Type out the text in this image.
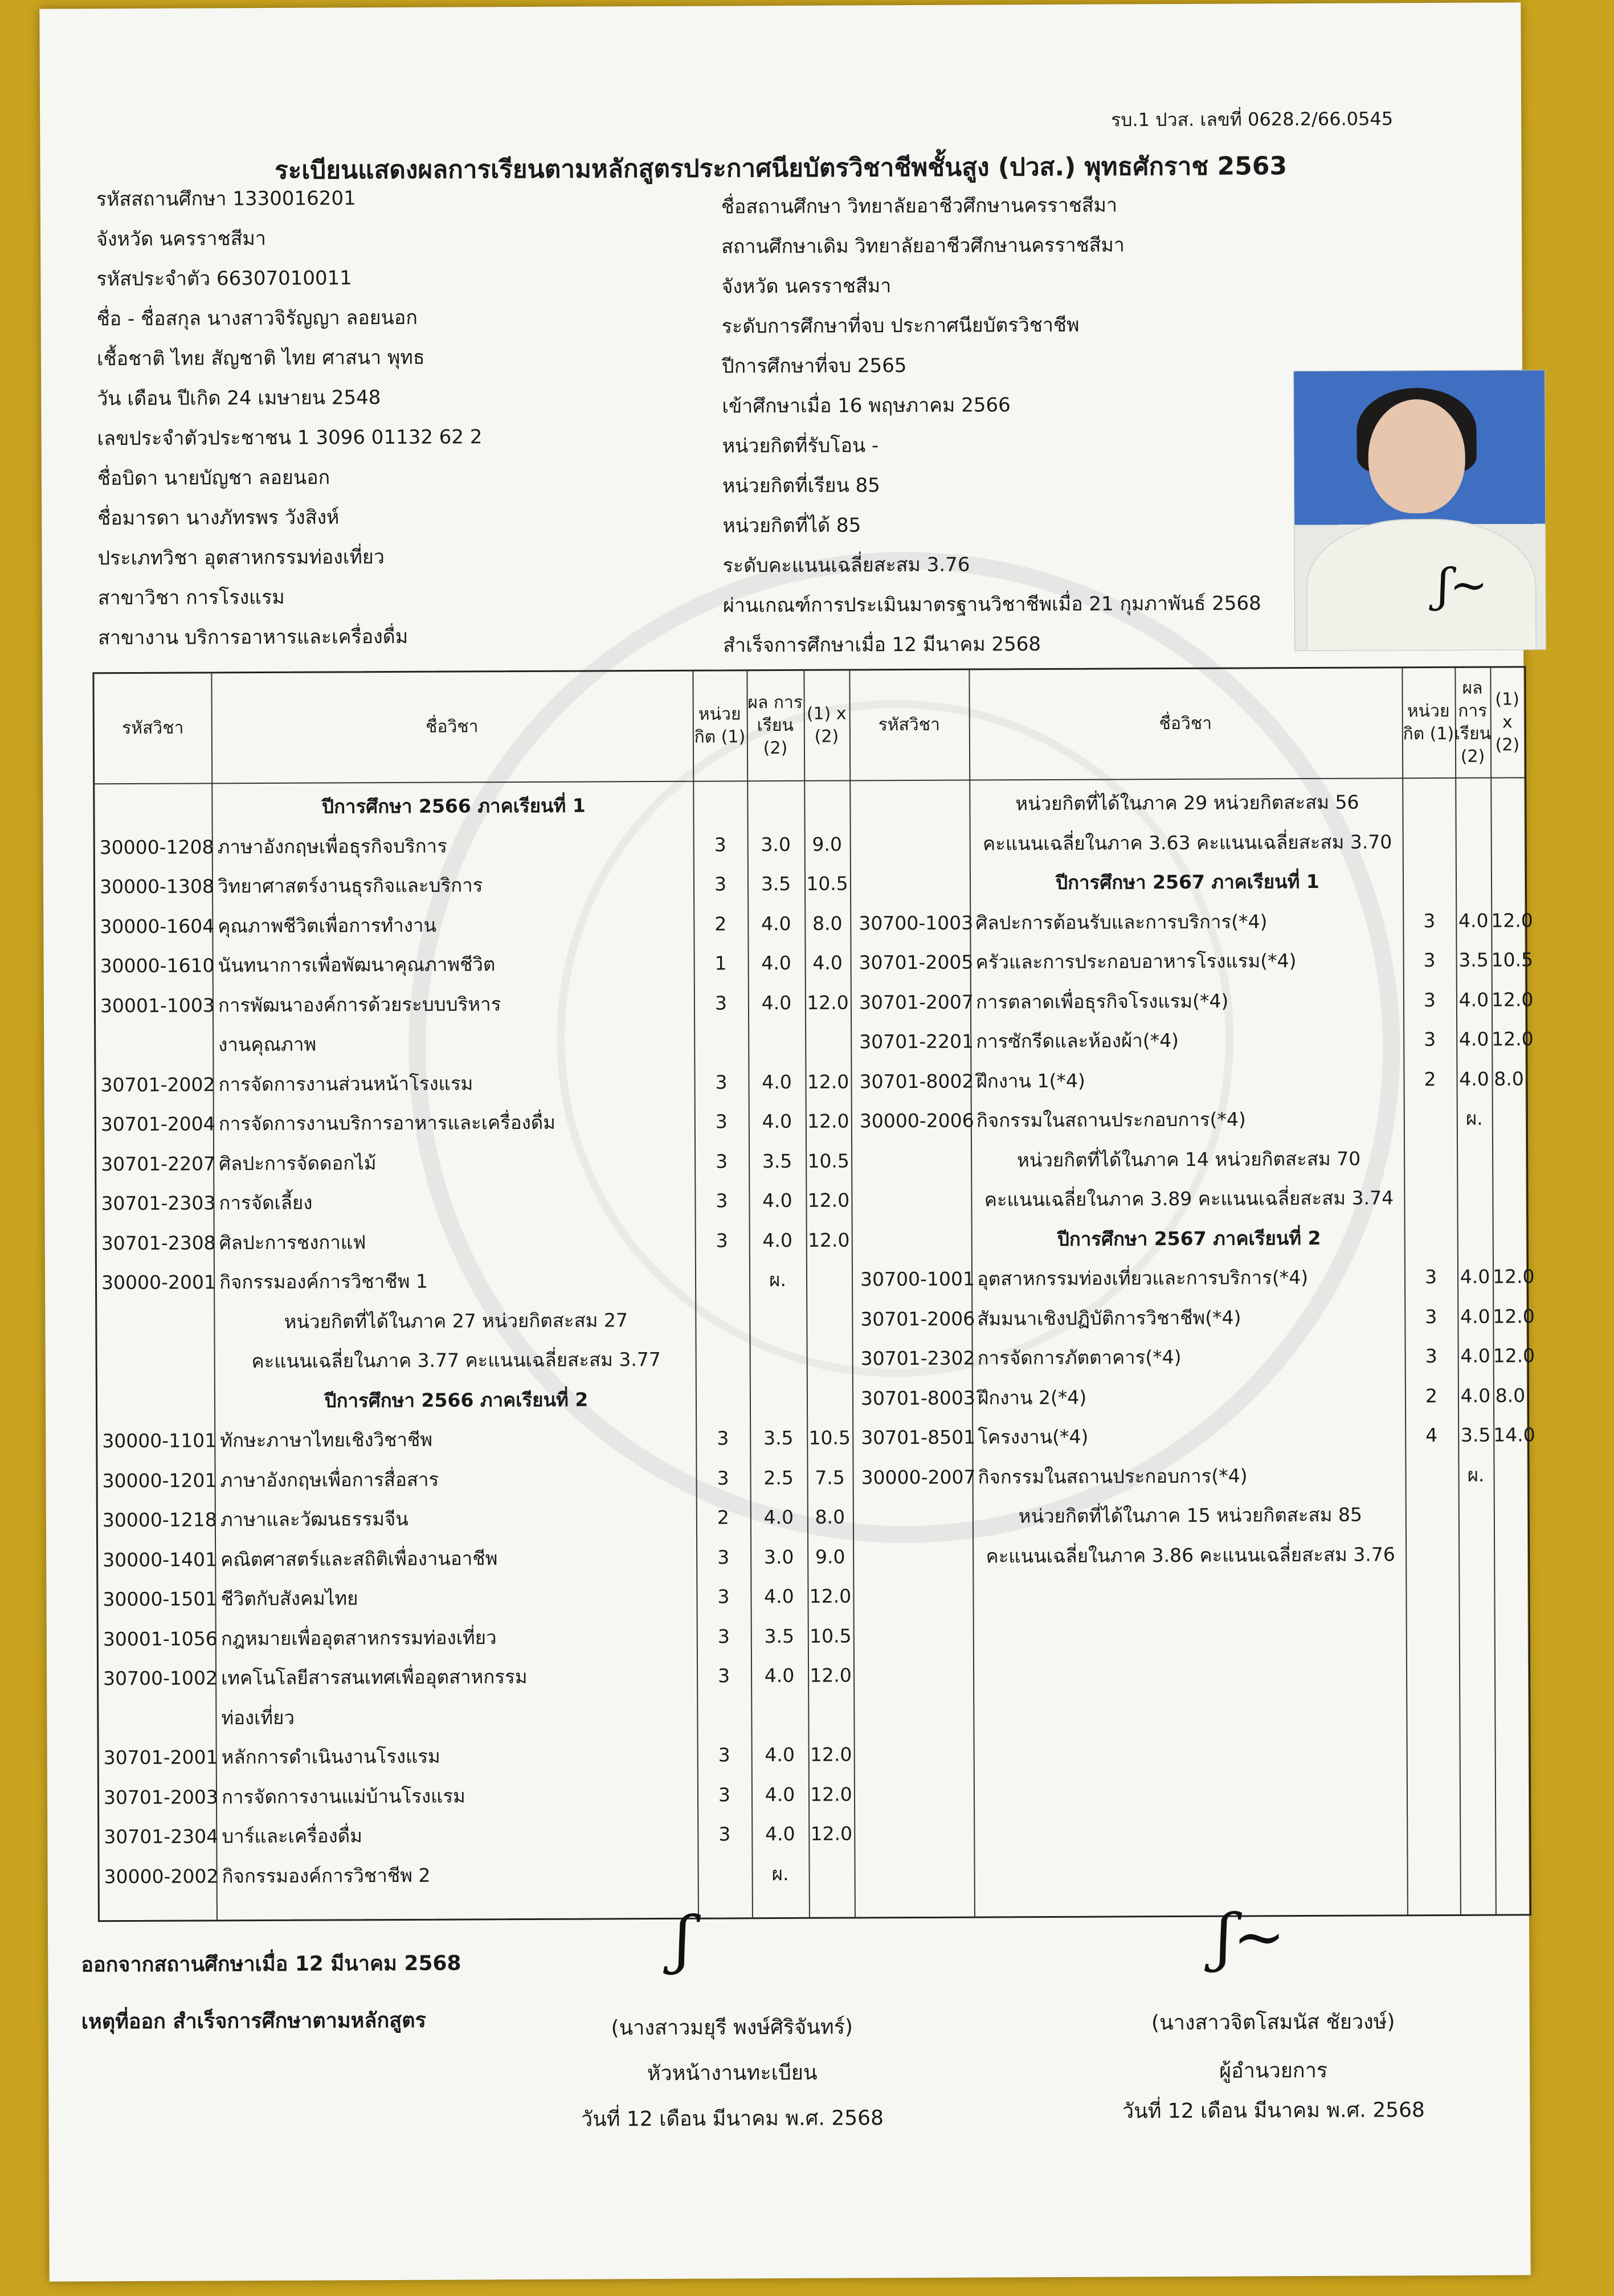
รบ.1 ปวส. เลขที่ 0628.2/66.0545
ระเบียนแสดงผลการเรียนตามหลักสูตรประกาศนียบัตรวิชาชีพชั้นสูง (ปวส.) พุทธศักราช 2563
รหัสสถานศึกษา 1330016201
จังหวัด นครราชสีมา
รหัสประจำตัว 66307010011
ชื่อ - ชื่อสกุล นางสาวจิรัญญา ลอยนอก
เชื้อชาติ ไทย สัญชาติ ไทย ศาสนา พุทธ
วัน เดือน ปีเกิด 24 เมษายน 2548
เลขประจำตัวประชาชน 1 3096 01132 62 2
ชื่อบิดา นายบัญชา ลอยนอก
ชื่อมารดา นางภัทรพร วังสิงห์
ประเภทวิชา อุตสาหกรรมท่องเที่ยว
สาขาวิชา การโรงแรม
สาขางาน บริการอาหารและเครื่องดื่ม
ชื่อสถานศึกษา วิทยาลัยอาชีวศึกษานครราชสีมา
สถานศึกษาเดิม วิทยาลัยอาชีวศึกษานครราชสีมา
จังหวัด นครราชสีมา
ระดับการศึกษาที่จบ ประกาศนียบัตรวิชาชีพ
ปีการศึกษาที่จบ 2565
เข้าศึกษาเมื่อ 16 พฤษภาคม 2566
หน่วยกิตที่รับโอน -
หน่วยกิตที่เรียน 85
หน่วยกิตที่ได้ 85
ระดับคะแนนเฉลี่ยสะสม 3.76
ผ่านเกณฑ์การประเมินมาตรฐานวิชาชีพเมื่อ 21 กุมภาพันธ์ 2568
สำเร็จการศึกษาเมื่อ 12 มีนาคม 2568
ʃ~
รหัสวิชา	ชื่อวิชา
หน่วย กิต (1)
ผล การ เรียน (2)
(1) x (2)
รหัสวิชา	ชื่อวิชา
หน่วย กิต (1)
ผล การ เรียน (2)
(1) x (2)
ปีการศึกษา 2566 ภาคเรียนที่ 1
30000-1208 ภาษาอังกฤษเพื่อธุรกิจบริการ	3	3.0	9.0
30000-1308 วิทยาศาสตร์งานธุรกิจและบริการ	3	3.5 10.5
30000-1604 คุณภาพชีวิตเพื่อการทำงาน	2	4.0	8.0
30000-1610 นันทนาการเพื่อพัฒนาคุณภาพชีวิต	1	4.0	4.0
30001-1003 การพัฒนาองค์การด้วยระบบบริหาร	3	4.0 12.0
งานคุณภาพ
30701-2002 การจัดการงานส่วนหน้าโรงแรม	3	4.0 12.0
30701-2004 การจัดการงานบริการอาหารและเครื่องดื่ม	3	4.0 12.0
30701-2207 ศิลปะการจัดดอกไม้	3	3.5 10.5
30701-2303 การจัดเลี้ยง	3	4.0 12.0
30701-2308 ศิลปะการชงกาแฟ	3	4.0 12.0
30000-2001 กิจกรรมองค์การวิชาชีพ 1	ผ.
หน่วยกิตที่ได้ในภาค 27 หน่วยกิตสะสม 27
คะแนนเฉลี่ยในภาค 3.77 คะแนนเฉลี่ยสะสม 3.77
ปีการศึกษา 2566 ภาคเรียนที่ 2
30000-1101 ทักษะภาษาไทยเชิงวิชาชีพ	3	3.5 10.5
30000-1201 ภาษาอังกฤษเพื่อการสื่อสาร	3	2.5	7.5
30000-1218 ภาษาและวัฒนธรรมจีน	2	4.0	8.0
30000-1401 คณิตศาสตร์และสถิติเพื่องานอาชีพ	3	3.0	9.0
30000-1501 ชีวิตกับสังคมไทย	3	4.0 12.0
30001-1056 กฎหมายเพื่ออุตสาหกรรมท่องเที่ยว	3	3.5 10.5
30700-1002 เทคโนโลยีสารสนเทศเพื่ออุตสาหกรรม	3	4.0 12.0
ท่องเที่ยว
30701-2001 หลักการดำเนินงานโรงแรม	3	4.0 12.0
30701-2003 การจัดการงานแม่บ้านโรงแรม	3	4.0 12.0
30701-2304 บาร์และเครื่องดื่ม	3	4.0 12.0
30000-2002 กิจกรรมองค์การวิชาชีพ 2	ผ.
หน่วยกิตที่ได้ในภาค 29 หน่วยกิตสะสม 56
คะแนนเฉลี่ยในภาค 3.63 คะแนนเฉลี่ยสะสม 3.70
ปีการศึกษา 2567 ภาคเรียนที่ 1
30700-1003 ศิลปะการต้อนรับและการบริการ(*4)	3	4.0 12.0
30701-2005 ครัวและการประกอบอาหารโรงแรม(*4)	3	3.5 10.5
30701-2007 การตลาดเพื่อธุรกิจโรงแรม(*4)	3	4.0 12.0
30701-2201 การซักรีดและห้องผ้า(*4)	3	4.0 12.0
30701-8002 ฝึกงาน 1(*4)	2	4.0 8.0
30000-2006 กิจกรรมในสถานประกอบการ(*4)	ผ.
หน่วยกิตที่ได้ในภาค 14 หน่วยกิตสะสม 70
คะแนนเฉลี่ยในภาค 3.89 คะแนนเฉลี่ยสะสม 3.74
ปีการศึกษา 2567 ภาคเรียนที่ 2
30700-1001 อุตสาหกรรมท่องเที่ยวและการบริการ(*4)	3	4.0 12.0
30701-2006 สัมมนาเชิงปฏิบัติการวิชาชีพ(*4)	3	4.0 12.0
30701-2302 การจัดการภัตตาคาร(*4)	3	4.0 12.0
30701-8003 ฝึกงาน 2(*4)	2	4.0 8.0
30701-8501 โครงงาน(*4)	4	3.5 14.0
30000-2007 กิจกรรมในสถานประกอบการ(*4)	ผ.
หน่วยกิตที่ได้ในภาค 15 หน่วยกิตสะสม 85
คะแนนเฉลี่ยในภาค 3.86 คะแนนเฉลี่ยสะสม 3.76
ออกจากสถานศึกษาเมื่อ 12 มีนาคม 2568
เหตุที่ออก สำเร็จการศึกษาตามหลักสูตร
ʃ
(นางสาวมยุรี พงษ์ศิริจันทร์)
หัวหน้างานทะเบียน
วันที่ 12 เดือน มีนาคม พ.ศ. 2568
ʃ~
(นางสาวจิตโสมนัส ชัยวงษ์)
ผู้อำนวยการ
วันที่ 12 เดือน มีนาคม พ.ศ. 2568
